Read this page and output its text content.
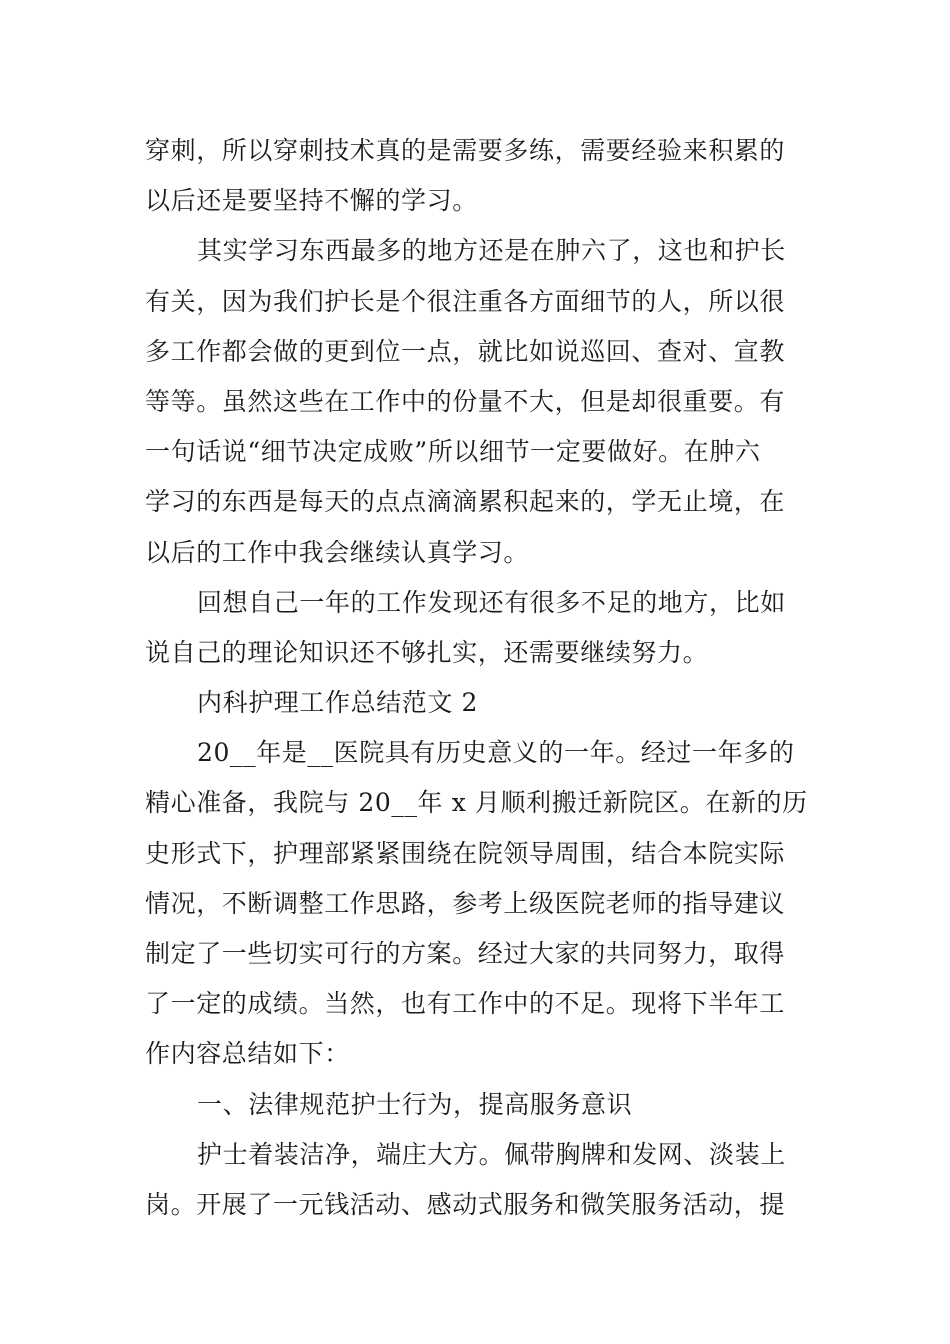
穿刺，所以穿刺技术真的是需要多练，需要经验来积累的
以后还是要坚持不懈的学习。
其实学习东西最多的地方还是在肿六了，这也和护长
有关，因为我们护长是个很注重各方面细节的人，所以很
多工作都会做的更到位一点，就比如说巡回、查对、宣教
等等。虽然这些在工作中的份量不大，但是却很重要。有
一句话说“细节决定成败”所以细节一定要做好。在肿六
学习的东西是每天的点点滴滴累积起来的，学无止境，在
以后的工作中我会继续认真学习。
回想自己一年的工作发现还有很多不足的地方，比如
说自己的理论知识还不够扎实，还需要继续努力。
内科护理工作总结范文 2
20__年是__医院具有历史意义的一年。经过一年多的
精心准备，我院与 20__年 x 月顺利搬迁新院区。在新的历
史形式下，护理部紧紧围绕在院领导周围，结合本院实际
情况，不断调整工作思路，参考上级医院老师的指导建议
制定了一些切实可行的方案。经过大家的共同努力，取得
了一定的成绩。当然，也有工作中的不足。现将下半年工
作内容总结如下：
一、法律规范护士行为，提高服务意识
护士着装洁净，端庄大方。佩带胸牌和发网、淡装上
岗。开展了一元钱活动、感动式服务和微笑服务活动，提
